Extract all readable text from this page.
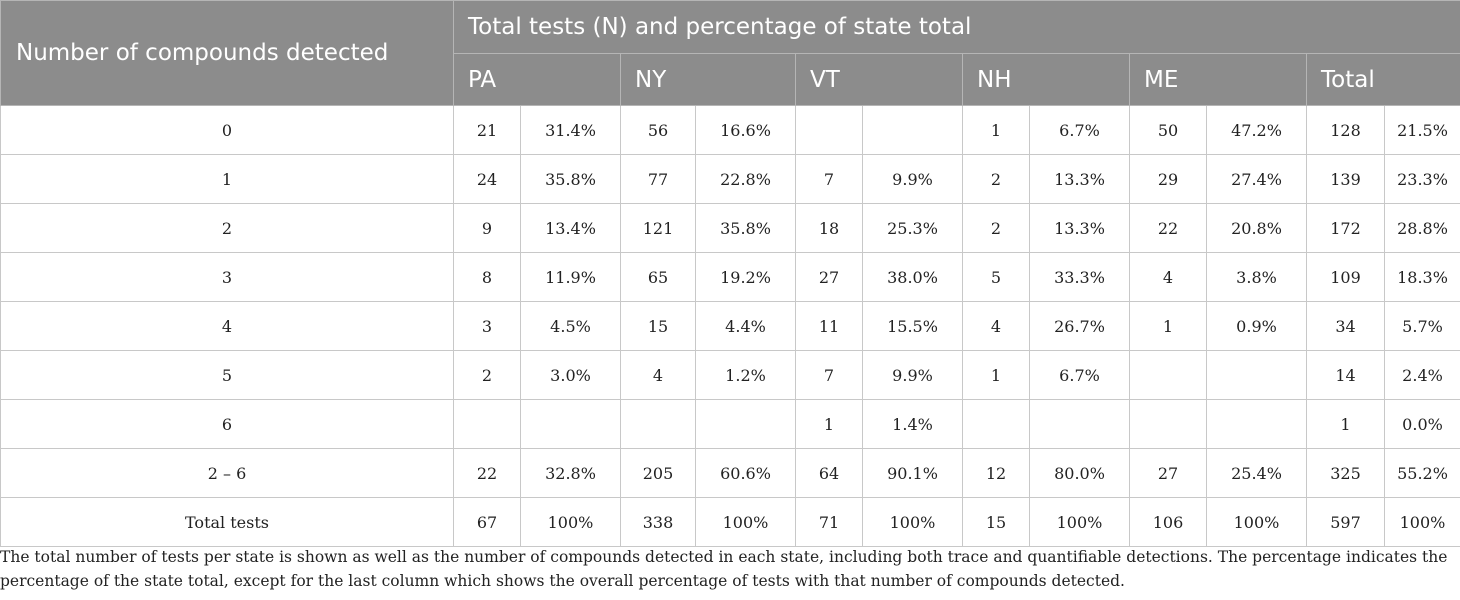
Number of compounds detected	Total tests (N) and percentage of state total											
	PA		NY		VT		NH		ME		Total	
0	21	31.4%	56	16.6%			1	6.7%	50	47.2%	128	21.5%
1	24	35.8%	77	22.8%	7	9.9%	2	13.3%	29	27.4%	139	23.3%
2	9	13.4%	121	35.8%	18	25.3%	2	13.3%	22	20.8%	172	28.8%
3	8	11.9%	65	19.2%	27	38.0%	5	33.3%	4	3.8%	109	18.3%
4	3	4.5%	15	4.4%	11	15.5%	4	26.7%	1	0.9%	34	5.7%
5	2	3.0%	4	1.2%	7	9.9%	1	6.7%			14	2.4%
6					1	1.4%					1	0.0%
2 – 6	22	32.8%	205	60.6%	64	90.1%	12	80.0%	27	25.4%	325	55.2%
Total tests	67	100%	338	100%	71	100%	15	100%	106	100%	597	100%
The total number of tests per state is shown as well as the number of compounds detected in each state, including both trace and quantifiable detections. The percentage indicates the percentage of the state total, except for the last column which shows the overall percentage of tests with that number of compounds detected.
